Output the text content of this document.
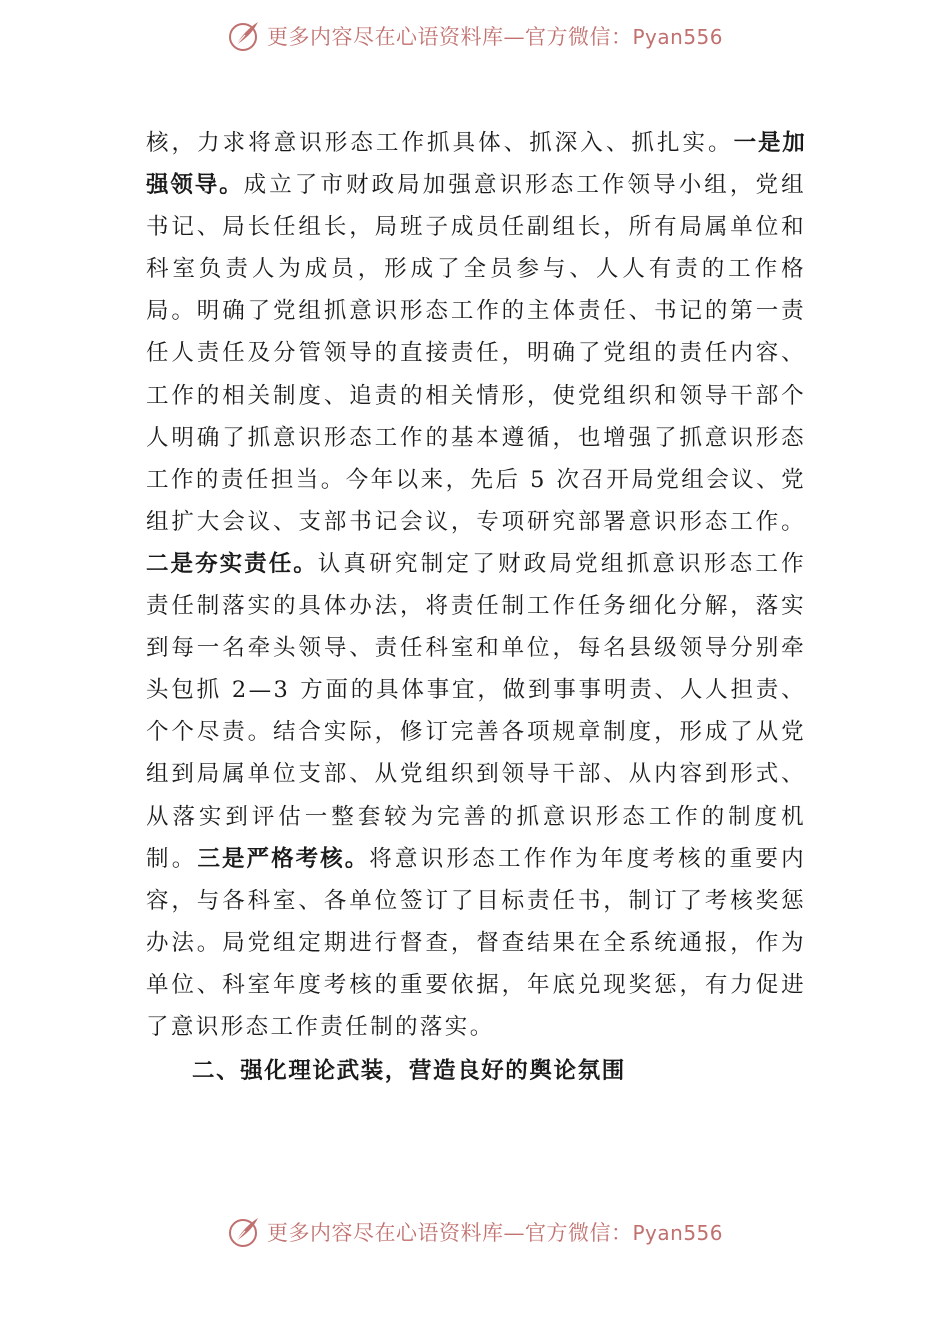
更多内容尽在心语资料库—官方微信：Pyan556

核，力求将意识形态工作抓具体、抓深入、抓扎实。一是加强领导。成立了市财政局加强意识形态工作领导小组，党组书记、局长任组长，局班子成员任副组长，所有局属单位和科室负责人为成员，形成了全员参与、人人有责的工作格局。明确了党组抓意识形态工作的主体责任、书记的第一责任人责任及分管领导的直接责任，明确了党组的责任内容、工作的相关制度、追责的相关情形，使党组织和领导干部个人明确了抓意识形态工作的基本遵循，也增强了抓意识形态工作的责任担当。今年以来，先后 5 次召开局党组会议、党组扩大会议、支部书记会议，专项研究部署意识形态工作。二是夯实责任。认真研究制定了财政局党组抓意识形态工作责任制落实的具体办法，将责任制工作任务细化分解，落实到每一名牵头领导、责任科室和单位，每名县级领导分别牵头包抓 2—3 方面的具体事宜，做到事事明责、人人担责、个个尽责。结合实际，修订完善各项规章制度，形成了从党组到局属单位支部、从党组织到领导干部、从内容到形式、从落实到评估一整套较为完善的抓意识形态工作的制度机制。三是严格考核。将意识形态工作作为年度考核的重要内容，与各科室、各单位签订了目标责任书，制订了考核奖惩办法。局党组定期进行督查，督查结果在全系统通报，作为单位、科室年度考核的重要依据，年底兑现奖惩，有力促进了意识形态工作责任制的落实。

二、强化理论武装，营造良好的舆论氛围
更多内容尽在心语资料库—官方微信：Pyan556
